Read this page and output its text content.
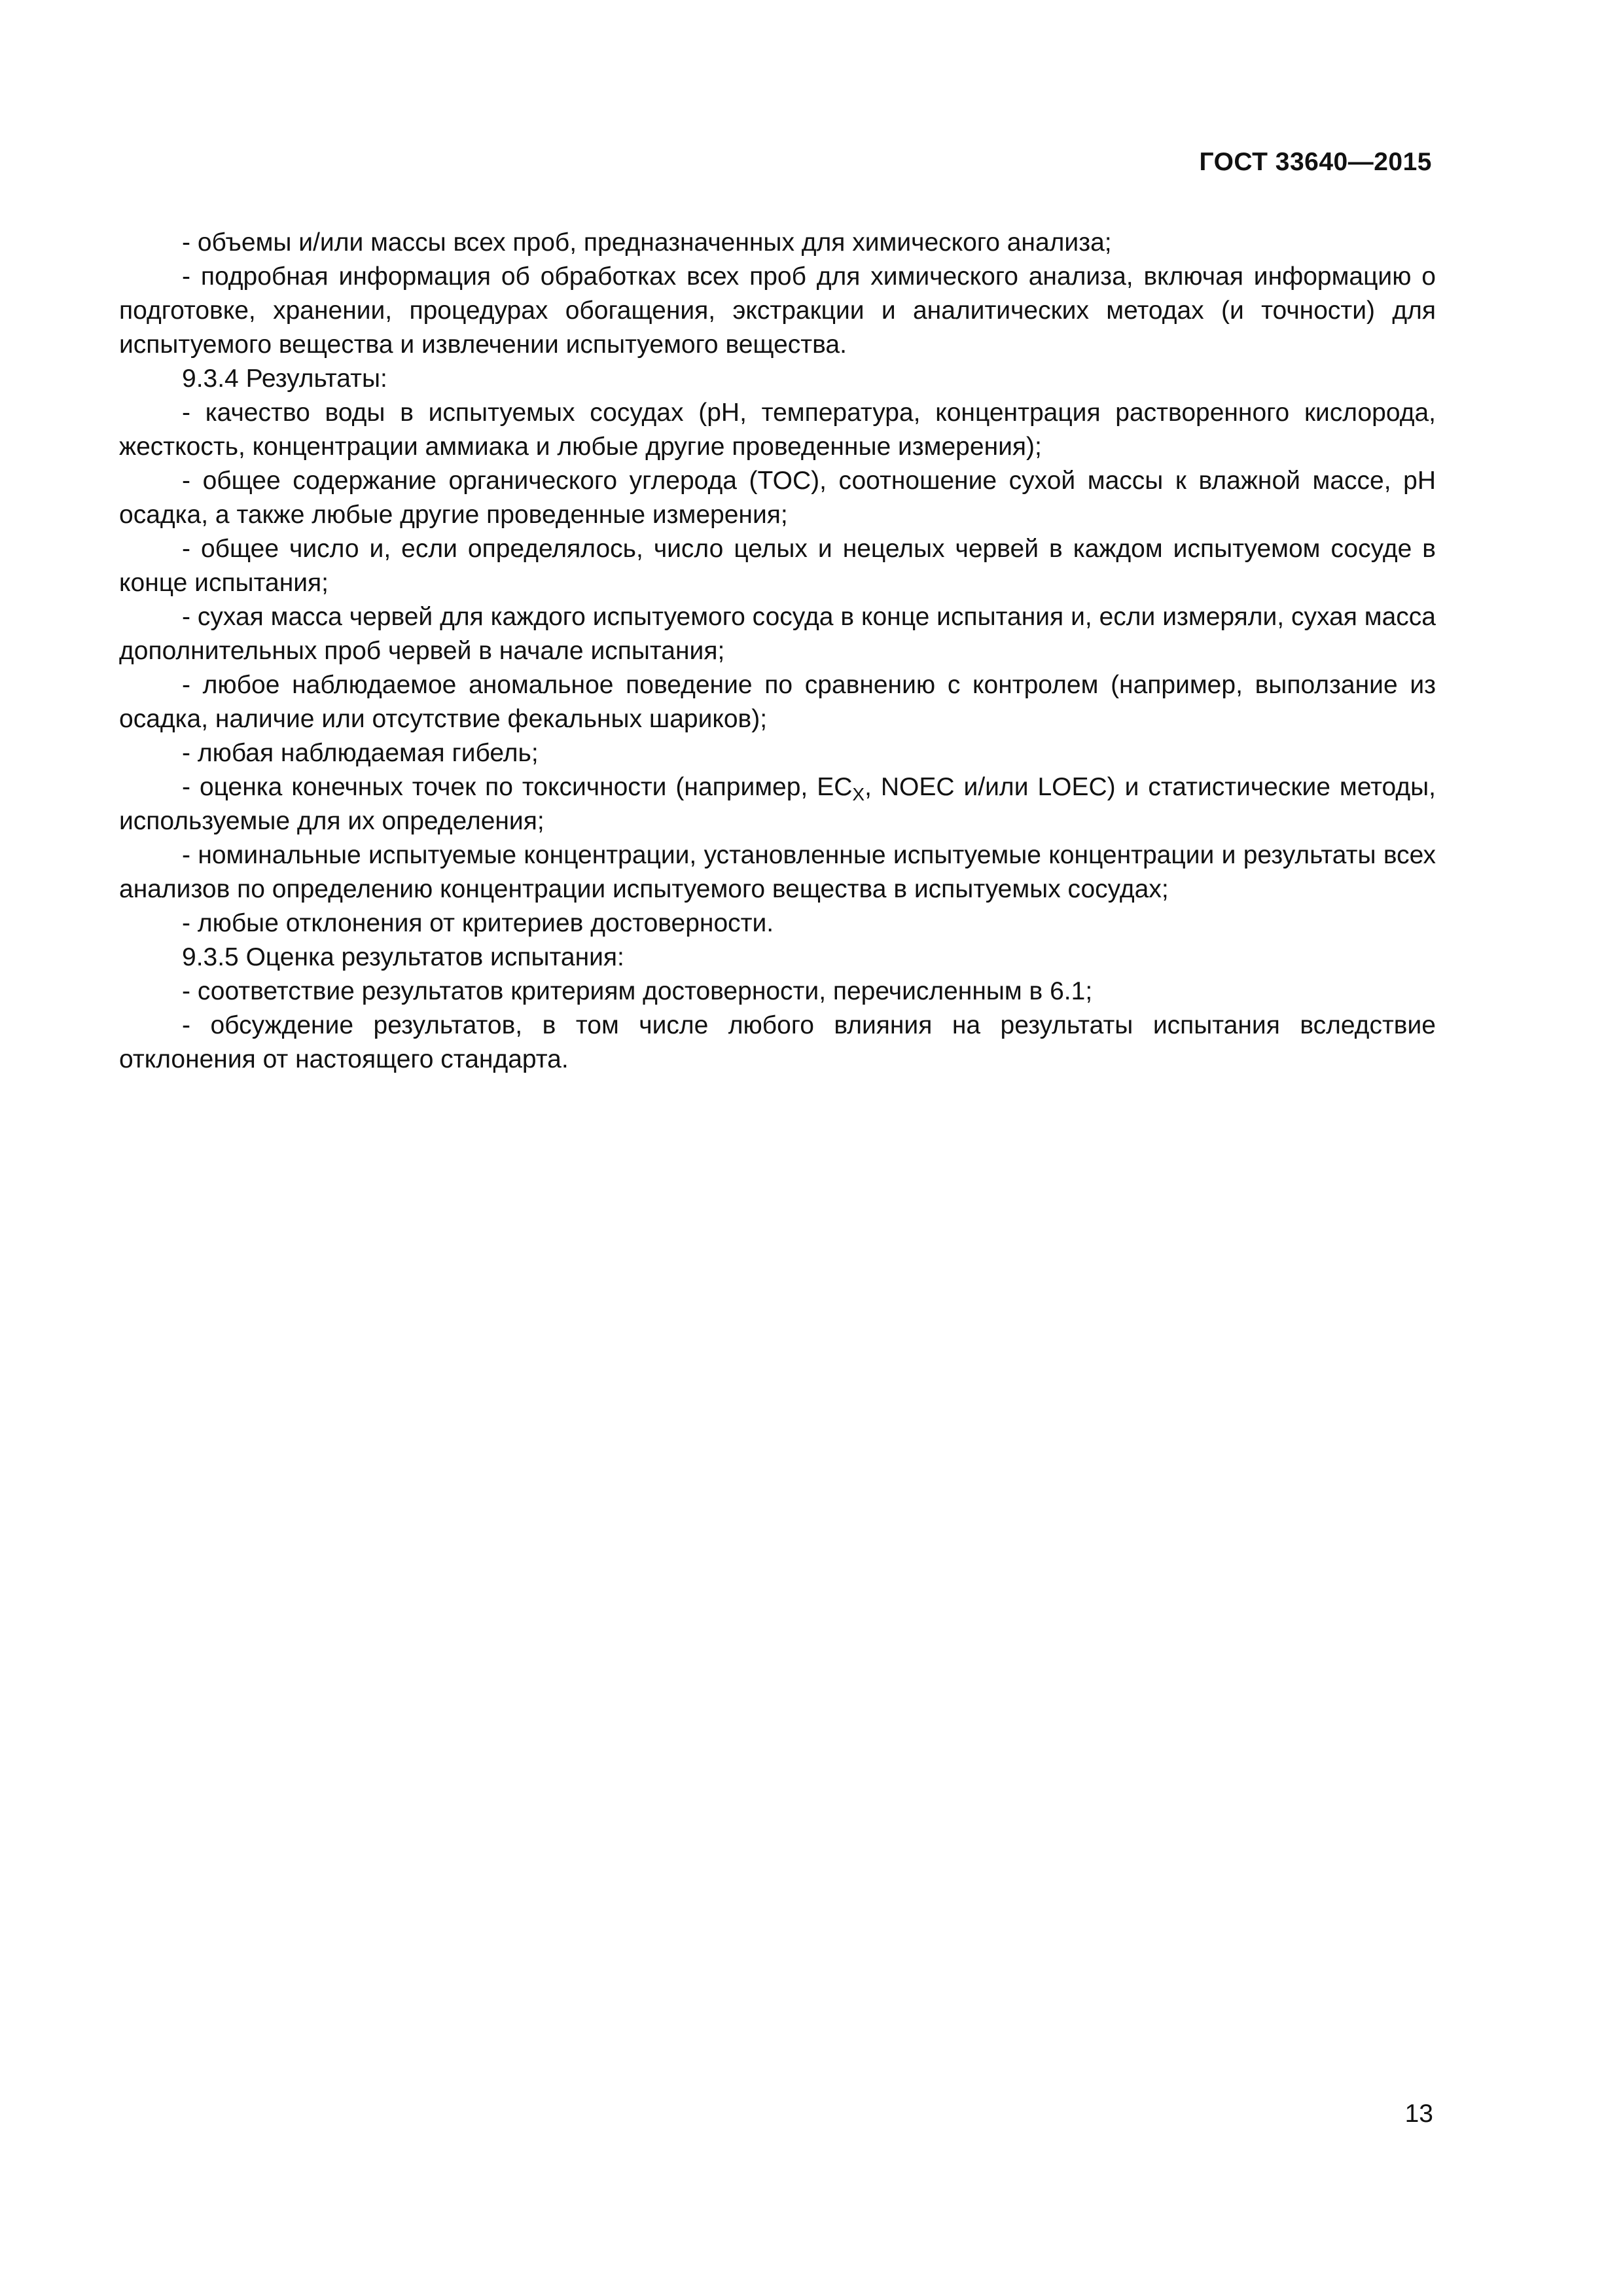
ГОСТ 33640—2015

- объемы и/или массы всех проб, предназначенных для химического анализа;

- подробная информация об обработках всех проб для химического анализа, включая информацию о подготовке, хранении, процедурах обогащения, экстракции и аналитических методах (и точности) для испытуемого вещества и извлечении испытуемого вещества.

9.3.4 Результаты:

- качество воды в испытуемых сосудах (pH, температура, концентрация растворенного кислорода, жесткость, концентрации аммиака и любые другие проведенные измерения);

- общее содержание органического углерода (TOC), соотношение сухой массы к влажной массе, pH осадка, а также любые другие проведенные измерения;

- общее число и, если определялось, число целых и нецелых червей в каждом испытуемом сосуде в конце испытания;

- сухая масса червей для каждого испытуемого сосуда в конце испытания и, если измеряли, сухая масса дополнительных проб червей в начале испытания;

- любое наблюдаемое аномальное поведение по сравнению с контролем (например, выползание из осадка, наличие или отсутствие фекальных шариков);

- любая наблюдаемая гибель;

- оценка конечных точек по токсичности (например, $EC_X$, NOEC и/или LOEC) и статистические методы, используемые для их определения;

- номинальные испытуемые концентрации, установленные испытуемые концентрации и результаты всех анализов по определению концентрации испытуемого вещества в испытуемых сосудах;

- любые отклонения от критериев достоверности.

9.3.5 Оценка результатов испытания:

- соответствие результатов критериям достоверности, перечисленным в 6.1;

- обсуждение результатов, в том числе любого влияния на результаты испытания вследствие отклонения от настоящего стандарта.

13
